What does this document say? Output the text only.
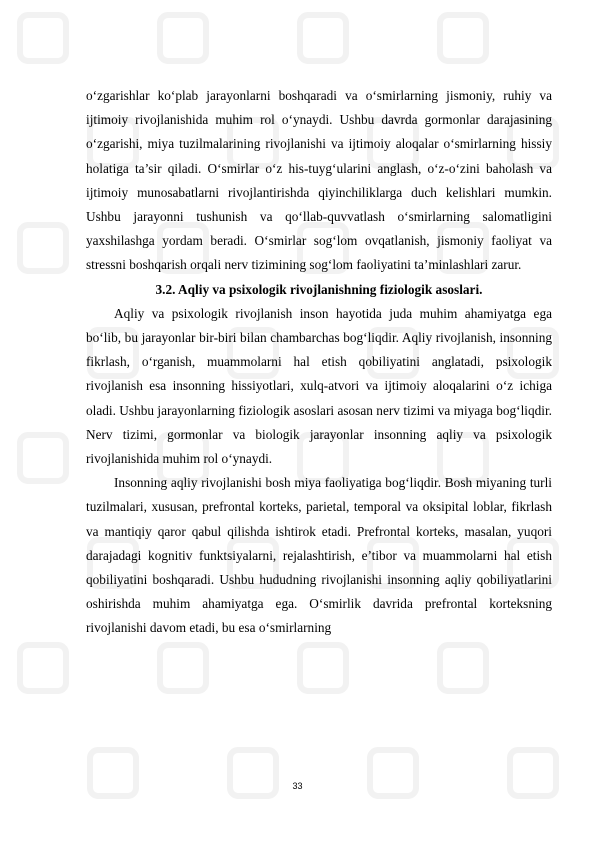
o‘zgarishlar ko‘plab jarayonlarni boshqaradi va o‘smirlarning jismoniy, ruhiy va ijtimoiy rivojlanishida muhim rol o‘ynaydi. Ushbu davrda gormonlar darajasining o‘zgarishi, miya tuzilmalarining rivojlanishi va ijtimoiy aloqalar o‘smirlarning hissiy holatiga ta’sir qiladi. O‘smirlar o‘z his-tuyg‘ularini anglash, o‘z-o‘zini baholash va ijtimoiy munosabatlarni rivojlantirishda qiyinchiliklarga duch kelishlari mumkin. Ushbu jarayonni tushunish va qo‘llab-quvvatlash o‘smirlarning salomatligini yaxshilashga yordam beradi. O‘smirlar sog‘lom ovqatlanish, jismoniy faoliyat va stressni boshqarish orqali nerv tizimining sog‘lom faoliyatini ta’minlashlari zarur.

3.2. Aqliy va psixologik rivojlanishning fiziologik asoslari.

Aqliy va psixologik rivojlanish inson hayotida juda muhim ahamiyatga ega bo‘lib, bu jarayonlar bir-biri bilan chambarchas bog‘liqdir. Aqliy rivojlanish, insonning fikrlash, o‘rganish, muammolarni hal etish qobiliyatini anglatadi, psixologik rivojlanish esa insonning hissiyotlari, xulq-atvori va ijtimoiy aloqalarini o‘z ichiga oladi. Ushbu jarayonlarning fiziologik asoslari asosan nerv tizimi va miyaga bog‘liqdir. Nerv tizimi, gormonlar va biologik jarayonlar insonning aqliy va psixologik rivojlanishida muhim rol o‘ynaydi.

Insonning aqliy rivojlanishi bosh miya faoliyatiga bog‘liqdir. Bosh miyaning turli tuzilmalari, xususan, prefrontal korteks, parietal, temporal va oksipital loblar, fikrlash va mantiqiy qaror qabul qilishda ishtirok etadi. Prefrontal korteks, masalan, yuqori darajadagi kognitiv funktsiyalarni, rejalashtirish, e’tibor va muammolarni hal etish qobiliyatini boshqaradi. Ushbu hududning rivojlanishi insonning aqliy qobiliyatlarini oshirishda muhim ahamiyatga ega. O‘smirlik davrida prefrontal korteksning rivojlanishi davom etadi, bu esa o‘smirlarning

33
